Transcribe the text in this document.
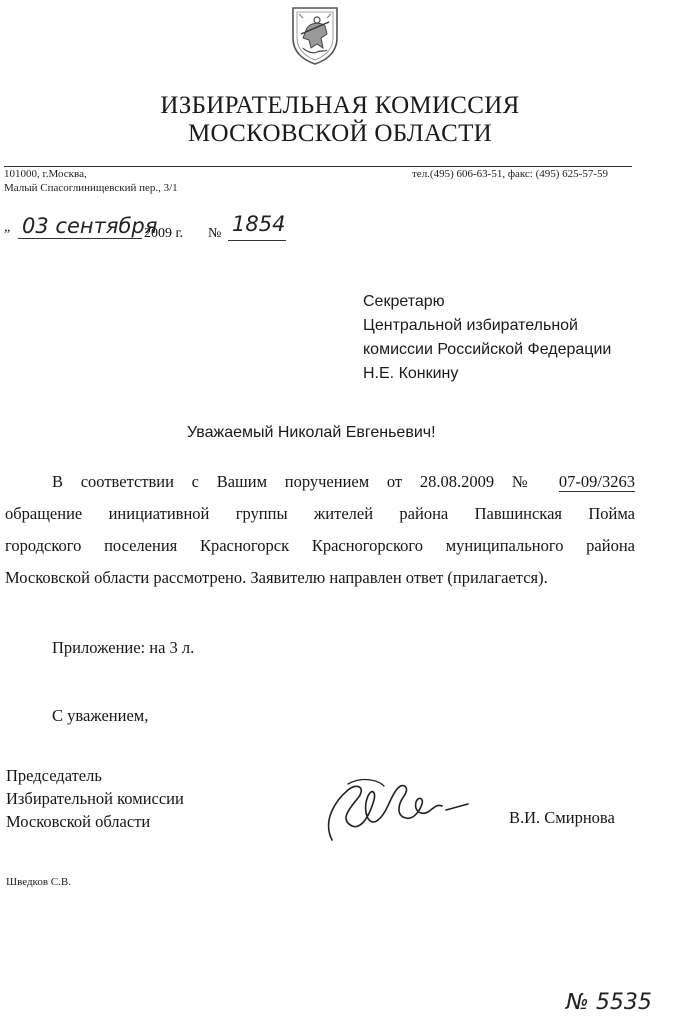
ИЗБИРАТЕЛЬНАЯ КОМИССИЯ
МОСКОВСКОЙ ОБЛАСТИ
101000, г.Москва,
Малый Спасоглинищевский пер., 3/1
тел.(495) 606-63-51, факс: (495) 625-57-59
„ 03 сентября
2009 г. № 1854
Секретарю
Центральной избирательной
комиссии Российской Федерации
Н.Е. Конкину
Уважаемый Николай Евгеньевич!
В соответствии с Вашим поручением от 28.08.2009 № 07-09/3263
обращение инициативной группы жителей района Павшинская Пойма
городского поселения Красногорск Красногорского муниципального района
Московской области рассмотрено. Заявителю направлен ответ (прилагается).
Приложение: на 3 л.
С уважением,
Председатель
Избирательной комиссии
Московской области	В.И. Смирнова
Шведков С.В.
№ 5535
